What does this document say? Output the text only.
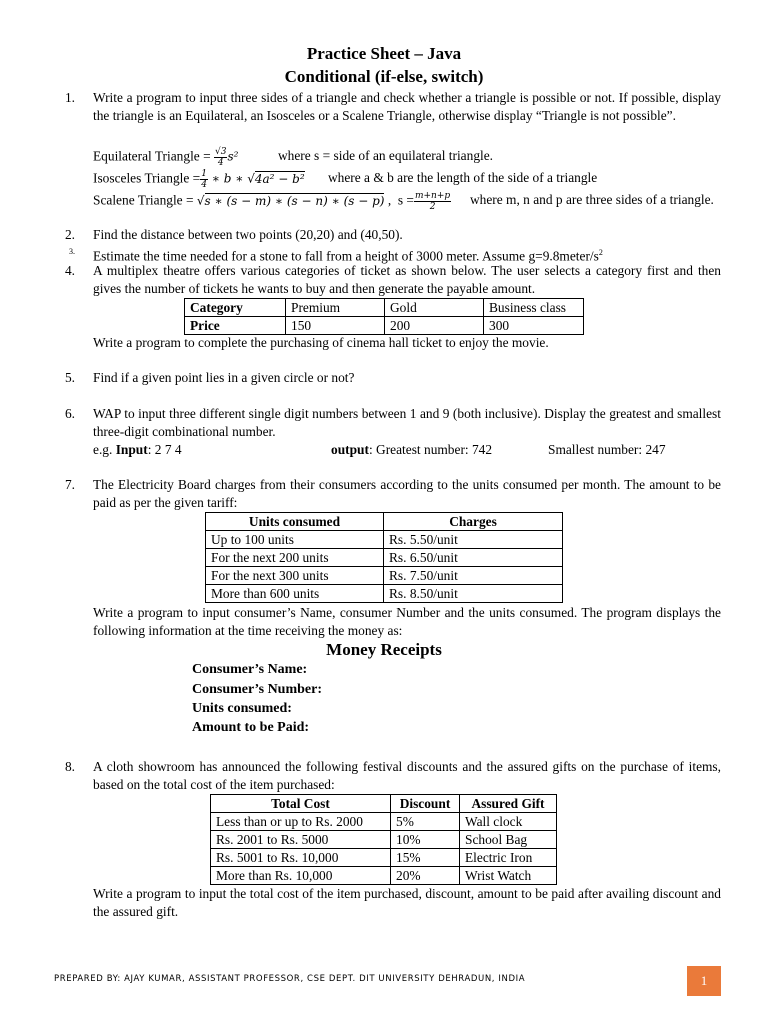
Practice Sheet – Java
Conditional (if-else, switch)
1. Write a program to input three sides of a triangle and check whether a triangle is possible or not. If possible, display the triangle is an Equilateral, an Isosceles or a Scalene Triangle, otherwise display “Triangle is not possible”.
Equilateral Triangle = $\frac{√3}{4} s^2$	where s = side of an equilateral triangle.
Isosceles Triangle = $\frac{1}{4}$ ∗ b ∗ √4a² − b² where a & b are the length of the side of a triangle
Scalene Triangle = √s ∗ (s − m) ∗ (s − n) ∗ (s − p) ,  $s = \frac{m+n+p}{2}$ where m, n and p are three sides of a triangle.
2. Find the distance between two points (20,20) and (40,50).
3. Estimate the time needed for a stone to fall from a height of 3000 meter. Assume $g=9.8meter/s^2$
4. A multiplex theatre offers various categories of ticket as shown below. The user selects a category first and then gives the number of tickets he wants to buy and then generate the payable amount.
Category	Premium	Gold	Business class
Price	150	200	300
Write a program to complete the purchasing of cinema hall ticket to enjoy the movie.
5. Find if a given point lies in a given circle or not?
6. WAP to input three different single digit numbers between 1 and 9 (both inclusive). Display the greatest and smallest three-digit combinational number.
e.g. Input: 2 7 4	output: Greatest number: 742	Smallest number: 247
7. The Electricity Board charges from their consumers according to the units consumed per month. The amount to be paid as per the given tariff:
Units consumed	Charges
Up to 100 units	Rs. 5.50/unit
For the next 200 units	Rs. 6.50/unit
For the next 300 units	Rs. 7.50/unit
More than 600 units	Rs. 8.50/unit
Write a program to input consumer’s Name, consumer Number and the units consumed. The program displays the following information at the time receiving the money as:
Money Receipts
Consumer’s Name:
Consumer’s Number:
Units consumed:
Amount to be Paid:
8. A cloth showroom has announced the following festival discounts and the assured gifts on the purchase of items, based on the total cost of the item purchased:
Total Cost	Discount	Assured Gift
Less than or up to Rs. 2000	5%	Wall clock
Rs. 2001 to Rs. 5000	10%	School Bag
Rs. 5001 to Rs. 10,000	15%	Electric Iron
More than Rs. 10,000	20%	Wrist Watch
Write a program to input the total cost of the item purchased, discount, amount to be paid after availing discount and the assured gift.
PREPARED BY: AJAY KUMAR, ASSISTANT PROFESSOR, CSE DEPT. DIT UNIVERSITY DEHRADUN, INDIA	1
